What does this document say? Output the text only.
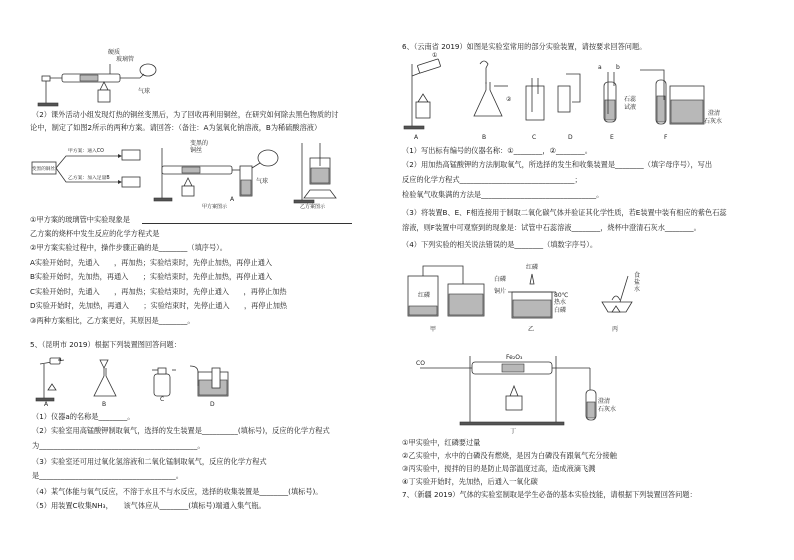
硬质
玻璃管
气球
（2）课外活动小组发现灯热的铜丝变黑后，为了回收再利用铜丝，在研究如何除去黑色物质的讨
论中，制定了如图2所示的两种方案。请回答：（备注：A为氢氧化钠溶液，B为稀硫酸溶液）
变黑的铜丝
甲方案：通入CO
乙方案：加入足量B
变黑的
铜丝
A
气球
甲方案图示	乙方案图示
①甲方案的玻璃管中实验现象是
乙方案的烧杯中发生反应的化学方程式是
②甲方案实验过程中，操作步骤正确的是________（填序号）。
A实验开始时，先通入　　，再加热；实验结束时，先停止加热，再停止通入
B实验开始时，先加热，再通入　　；实验结束时，先停止加热，再停止通入
C实验开始时，先通入　　，再加热；实验结束时，先停止通入　　，再停止加热
D实验开始时，先加热，再通入　　；实验结束时，先停止通入　　，再停止加热
③两种方案相比，乙方案更好，其原因是________。
5、（昆明市 2019）根据下列装置图回答问题：
a
A	B
C
D
（1）仪器a的名称是________。
（2）实验室用高锰酸钾制取氧气，选择的发生装置是__________(填标号)，反应的化学方程式
为____________________________________________。
（3）实验室还可用过氧化氢溶液和二氧化锰制取氧气，反应的化学方程式
是______________________________________。
（4）某气体能与氧气反应，不溶于水且不与水反应，选择的收集装置是________(填标号)。
（5）用装置C收集NH₃，　　该气体应从________(填标号)端通入集气瓶。
6、（云南省 2019）如图是实验室常用的部分实验装置，请按要求回答问题。
①
②
a b
石蕊
试液
澄清
石灰水
A	B	C	D	E	F
（1）写出标有编号的仪器名称：①________，②________。
（2）用加热高锰酸钾的方法制取氧气，所选择的发生和收集装置是________（填字母序号），写出
反应的化学方程式________________________________；
检验氧气收集满的方法是________________________________。
（3）将装置B、E、F相连接用于制取二氧化碳气体并验证其化学性质，若E装置中装有相应的紫色石蕊
溶液，则F装置中可观察到的现象是：试管中石蕊溶液________，烧杯中澄清石灰水________。
（4）下列实验的相关说法错误的是________（填数字序号）。
红磷
红磷
白磷
铜片
80℃
热水
白磷
食
盐
水
甲	乙	丙
CO
Fe₂O₃
澄清
石灰水
丁
①甲实验中，红磷要过量
②乙实验中，水中的白磷没有燃烧，是因为白磷没有跟氧气充分接触
③丙实验中，搅拌的目的是防止局部温度过高，造成液滴飞溅
④丁实验开始时，先加热，后通入一氧化碳
7、（新疆 2019）气体的实验室制取是学生必备的基本实验技能，请根据下列装置回答问题：
